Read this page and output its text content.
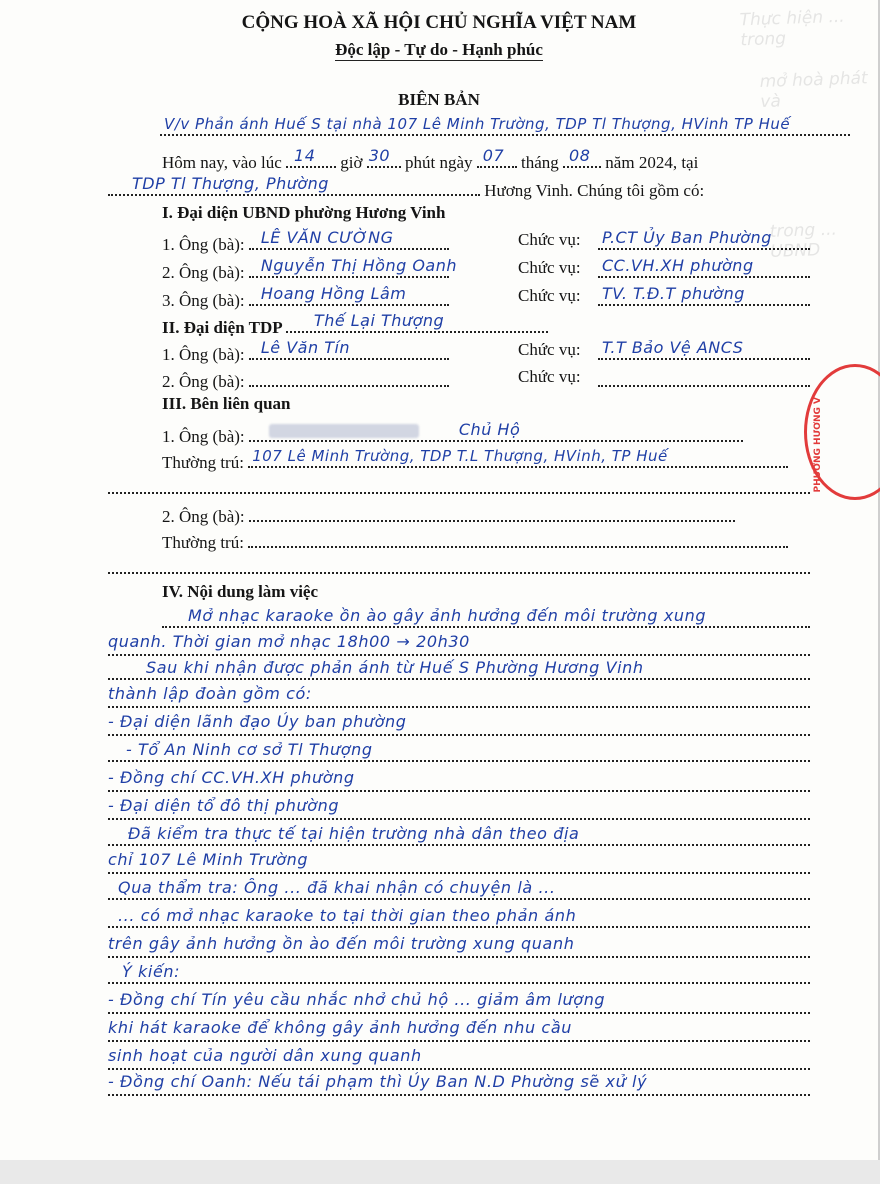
Thực hiện ... trong
mở hoà phát và
trong ... UBND
CỘNG HOÀ XÃ HỘI CHỦ NGHĨA VIỆT NAM
Độc lập - Tự do - Hạnh phúc
BIÊN BẢN
V/v Phản ánh Huế S tại nhà 107 Lê Minh Trường, TDP Tl Thượng, HVinh TP Huế
Hôm nay, vào lúc 14 giờ 30 phút ngày 07 tháng 08 năm 2024, tại
TDP Tl Thượng, Phường	Hương Vinh. Chúng tôi gồm có:
I. Đại diện UBND phường Hương Vinh
1. Ông (bà): LÊ VĂN CƯỜNG	Chức vụ: P.CT Ủy Ban Phường
2. Ông (bà): Nguyễn Thị Hồng Oanh	Chức vụ: CC.VH.XH phường
3. Ông (bà): Hoang Hồng Lâm	Chức vụ: TV. T.Đ.T phường
II. Đại diện TDP Thế Lại Thượng
1. Ông (bà): Lê Văn Tín	Chức vụ: T.T Bảo Vệ ANCS
2. Ông (bà):	Chức vụ:
III. Bên liên quan
1. Ông (bà):	Chủ Hộ
Thường trú: 107 Lê Minh Trường, TDP T.L Thượng, HVinh, TP Huế
2. Ông (bà):
Thường trú:
IV. Nội dung làm việc
Mở nhạc karaoke ồn ào gây ảnh hưởng đến môi trường xung
quanh. Thời gian mở nhạc 18h00 → 20h30
Sau khi nhận được phản ánh từ Huế S Phường Hương Vinh
thành lập đoàn gồm có:
- Đại diện lãnh đạo Ủy ban phường
- Tổ An Ninh cơ sở Tl Thượng
- Đồng chí CC.VH.XH phường
- Đại diện tổ đô thị phường
Đã kiểm tra thực tế tại hiện trường nhà dân theo địa
chỉ 107 Lê Minh Trường
Qua thẩm tra: Ông ... đã khai nhận có chuyện là ...
... có mở nhạc karaoke to tại thời gian theo phản ánh
trên gây ảnh hưởng ồn ào đến môi trường xung quanh
Ý kiến:
- Đồng chí Tín yêu cầu nhắc nhở chủ hộ ... giảm âm lượng
khi hát karaoke để không gây ảnh hưởng đến nhu cầu
sinh hoạt của người dân xung quanh
- Đồng chí Oanh: Nếu tái phạm thì Ủy Ban N.D Phường sẽ xử lý
PHƯỜNG HƯƠNG V
